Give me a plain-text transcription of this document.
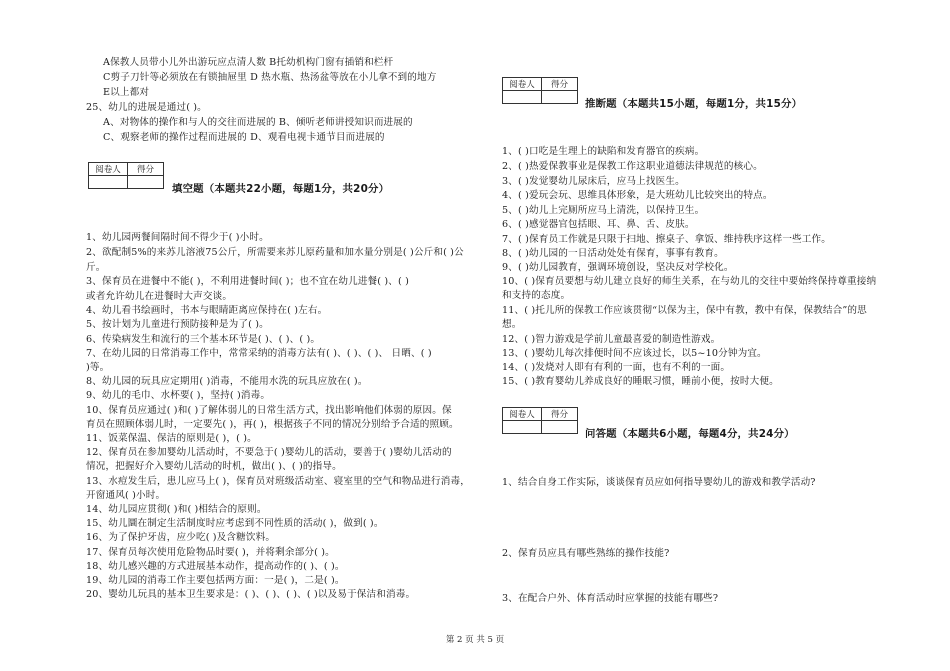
A保教人员带小儿外出游玩应点清人数 B托幼机构门窗有插销和栏杆
C剪子刀针等必须放在有锁抽屉里 D 热水瓶、热汤盆等放在小儿拿不到的地方
E以上都对
25、幼儿的进展是通过( )。
A、对物体的操作和与人的交往而进展的 B、倾听老师讲授知识而进展的
C、观察老师的操作过程而进展的 D、观看电视卡通节目而进展的
阅卷人	得分

填空题（本题共22小题，每题1分，共20分）
1、幼儿园两餐间隔时间不得少于( )小时。
2、欲配制5%的来苏儿溶液75公斤，所需要来苏儿原药量和加水量分别是( )公斤和( )公
斤。
3、保育员在进餐中不能( )，不利用进餐时间( )；也不宜在幼儿进餐( )、( )
或者允许幼儿在进餐时大声交谈。
4、幼儿看书绘画时，书本与眼睛距离应保持在( )左右。
5、按计划为儿童进行预防接种是为了( )。
6、传染病发生和流行的三个基本环节是( )、( )、( )。
7、在幼儿园的日常消毒工作中，常常采纳的消毒方法有( )、( )、( )、 日晒、( )
)等。
8、幼儿园的玩具应定期用( )消毒，不能用水洗的玩具应放在( )。
9、幼儿的毛巾、水杯要( )，坚持( )消毒。
10、保育员应通过( )和( )了解体弱儿的日常生活方式，找出影响他们体弱的原因。保
育员在照顾体弱儿时，一定要先( )，再( )，根据孩子不同的情况分别给予合适的照顾。
11、饭菜保温、保洁的原则是( )，( )。
12、保育员在参加婴幼儿活动时，不要急于( )婴幼儿的活动，要善于( )婴幼儿活动的
情况，把握好介入婴幼儿活动的时机，做出( )、( )的指导。
13、水痘发生后，患儿应马上( )，保育员对班级活动室、寝室里的空气和物品进行消毒，
开窗通风( )小时。
14、幼儿园应贯彻( )和( )相结合的原则。
15、幼儿圜在制定生活制度时应考虑到不同性质的活动( )，做到( )。
16、为了保护牙齿，应少吃( )及含糖饮料。
17、保育员每次使用危险物品时要( )，并将剩余部分( )。
18、幼儿感兴趣的方式进展基本动作，提高动作的( )、( )。
19、幼儿园的消毒工作主要包括两方面：一是( )，二是( )。
20、婴幼儿玩具的基本卫生要求是：( )、( )、( )、( )以及易于保洁和消毒。
阅卷人	得分

推断题（本题共15小题，每题1分，共15分）
1、( )口吃是生理上的缺陷和发育器官的疾病。
2、( )热爱保教事业是保教工作这职业道德法律规范的核心。
3、( )发觉婴幼儿尿床后，应马上找医生。
4、( )爱玩会玩、思维具体形象，是大班幼儿比较突出的特点。
5、( )幼儿上完厕所应马上清洗，以保持卫生。
6、( )感觉器官包括眼、耳、鼻、舌、皮肤。
7、( )保育员工作就是只限于扫地、擦桌子、拿饭、维持秩序这样一些工作。
8、( )幼儿园的一日活动处处有保育，事事有教育。
9、( )幼儿园教育，强调环境创设，坚决反对学校化。
10、( )保育员要想与幼儿建立良好的师生关系，在与幼儿的交往中要始终保持尊重接纳
和支持的态度。
11、( )托儿所的保教工作应该贯彻“以保为主，保中有教，教中有保，保教结合”的思
想。
12、( )智力游戏是学前儿童最喜爱的制造性游戏。
13、( )婴幼儿每次排便时间不应该过长，以5~10分钟为宜。
14、( )发烧对人即有有利的一面，也有不利的一面。
15、( )教育婴幼儿养成良好的睡眠习惯，睡前小便，按时大便。
阅卷人	得分

问答题（本题共6小题，每题4分，共24分）
1、结合自身工作实际，谈谈保育员应如何指导婴幼儿的游戏和教学活动?
2、保育员应具有哪些熟练的操作技能?
3、在配合户外、体育活动时应掌握的技能有哪些?
第 2 页 共 5 页
